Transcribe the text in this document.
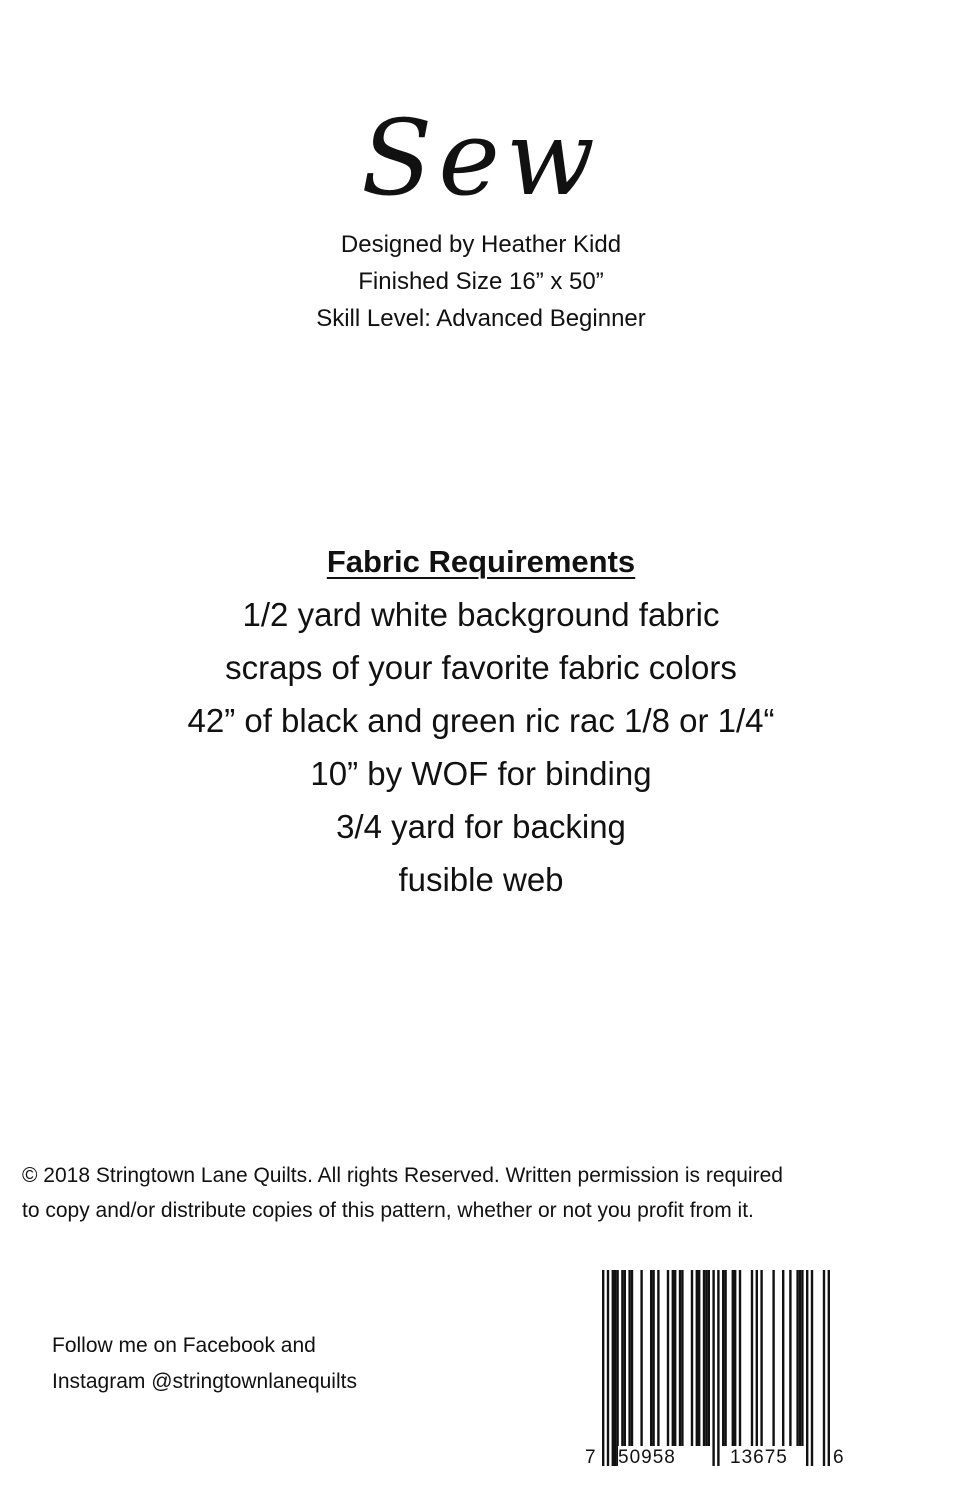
Sew
Designed by Heather Kidd
Finished Size 16” x 50”
Skill Level: Advanced Beginner
Fabric Requirements
1/2 yard white background fabric
scraps of your favorite fabric colors
42” of black and green ric rac 1/8 or 1/4“
10” by WOF for binding
3/4 yard for backing
fusible web
© 2018 Stringtown Lane Quilts. All rights Reserved. Written permission is required
to copy and/or distribute copies of this pattern, whether or not you profit from it.
Follow me on Facebook and
Instagram @stringtownlanequilts
7 50958	13675 6
